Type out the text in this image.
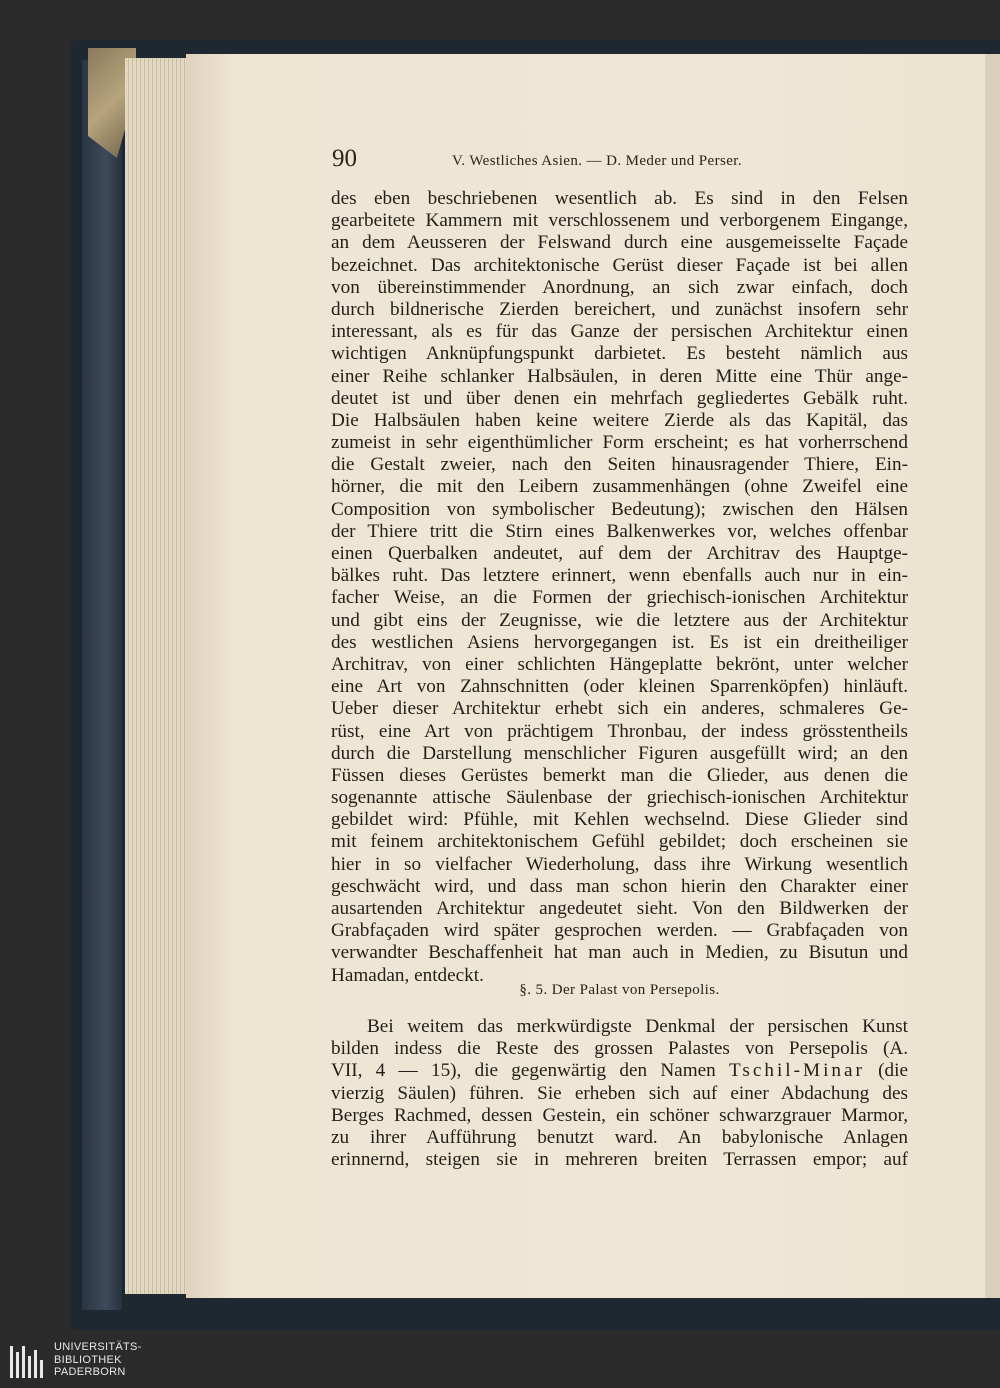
90	V. Westliches Asien. — D. Meder und Perser.
des eben beschriebenen wesentlich ab. Es sind in den Felsen
gearbeitete Kammern mit verschlossenem und verborgenem Eingange,
an dem Aeusseren der Felswand durch eine ausgemeisselte Façade
bezeichnet. Das architektonische Gerüst dieser Façade ist bei allen
von übereinstimmender Anordnung, an sich zwar einfach, doch
durch bildnerische Zierden bereichert, und zunächst insofern sehr
interessant, als es für das Ganze der persischen Architektur einen
wichtigen Anknüpfungspunkt darbietet. Es besteht nämlich aus
einer Reihe schlanker Halbsäulen, in deren Mitte eine Thür ange-
deutet ist und über denen ein mehrfach gegliedertes Gebälk ruht.
Die Halbsäulen haben keine weitere Zierde als das Kapitäl, das
zumeist in sehr eigenthümlicher Form erscheint; es hat vorherrschend
die Gestalt zweier, nach den Seiten hinausragender Thiere, Ein-
hörner, die mit den Leibern zusammenhängen (ohne Zweifel eine
Composition von symbolischer Bedeutung); zwischen den Hälsen
der Thiere tritt die Stirn eines Balkenwerkes vor, welches offenbar
einen Querbalken andeutet, auf dem der Architrav des Hauptge-
bälkes ruht. Das letztere erinnert, wenn ebenfalls auch nur in ein-
facher Weise, an die Formen der griechisch-ionischen Architektur
und gibt eins der Zeugnisse, wie die letztere aus der Architektur
des westlichen Asiens hervorgegangen ist. Es ist ein dreitheiliger
Architrav, von einer schlichten Hängeplatte bekrönt, unter welcher
eine Art von Zahnschnitten (oder kleinen Sparrenköpfen) hinläuft.
Ueber dieser Architektur erhebt sich ein anderes, schmaleres Ge-
rüst, eine Art von prächtigem Thronbau, der indess grösstentheils
durch die Darstellung menschlicher Figuren ausgefüllt wird; an den
Füssen dieses Gerüstes bemerkt man die Glieder, aus denen die
sogenannte attische Säulenbase der griechisch-ionischen Architektur
gebildet wird: Pfühle, mit Kehlen wechselnd. Diese Glieder sind
mit feinem architektonischem Gefühl gebildet; doch erscheinen sie
hier in so vielfacher Wiederholung, dass ihre Wirkung wesentlich
geschwächt wird, und dass man schon hierin den Charakter einer
ausartenden Architektur angedeutet sieht. Von den Bildwerken der
Grabfaçaden wird später gesprochen werden. — Grabfaçaden von
verwandter Beschaffenheit hat man auch in Medien, zu Bisutun und
Hamadan, entdeckt.
§. 5. Der Palast von Persepolis.
Bei weitem das merkwürdigste Denkmal der persischen Kunst
bilden indess die Reste des grossen Palastes von Persepolis (A.
VII, 4 — 15), die gegenwärtig den Namen Tschil-Minar (die
vierzig Säulen) führen. Sie erheben sich auf einer Abdachung des
Berges Rachmed, dessen Gestein, ein schöner schwarzgrauer Marmor,
zu ihrer Aufführung benutzt ward. An babylonische Anlagen
erinnernd, steigen sie in mehreren breiten Terrassen empor; auf
UNIVERSITÄTS-
BIBLIOTHEK
PADERBORN
